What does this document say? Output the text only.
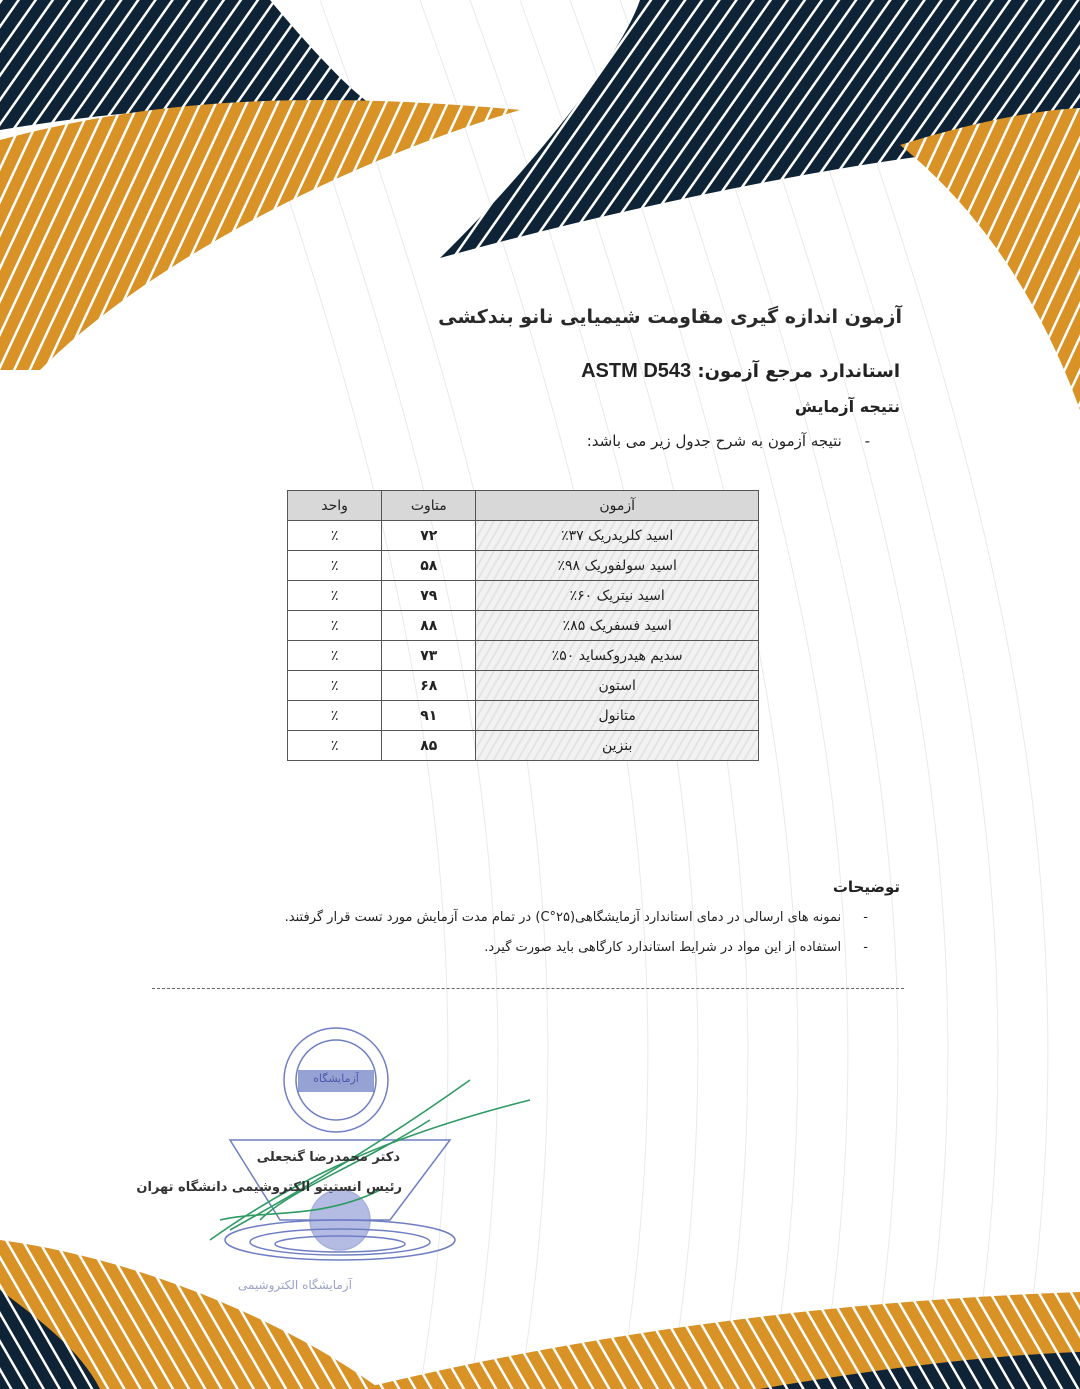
آزمون اندازه گیری مقاومت شیمیایی نانو بندکشی
استاندارد مرجع آزمون: ASTM D543
نتیجه آزمایش
- نتیجه آزمون به شرح جدول زیر می باشد:
آزمون	متاوت	واحد
اسید کلریدریک ۳۷٪	۷۲	٪
اسید سولفوریک ۹۸٪	۵۸	٪
اسید نیتریک ۶۰٪	۷۹	٪
اسید فسفریک ۸۵٪	۸۸	٪
سدیم هیدروکساید ۵۰٪	۷۳	٪
استون	۶۸	٪
متانول	۹۱	٪
بنزین	۸۵	٪
توضیحات
- نمونه های ارسالی در دمای استاندارد آزمایشگاهی(۲۵°C) در تمام مدت آزمایش مورد تست قرار گرفتند.
- استفاده از این مواد در شرایط استاندارد کارگاهی باید صورت گیرد.
آزمایشگاه
دکتر محمدرضا گنجعلی
رئیس انستیتو الکتروشیمی دانشگاه تهران
آزمایشگاه الکتروشیمی
